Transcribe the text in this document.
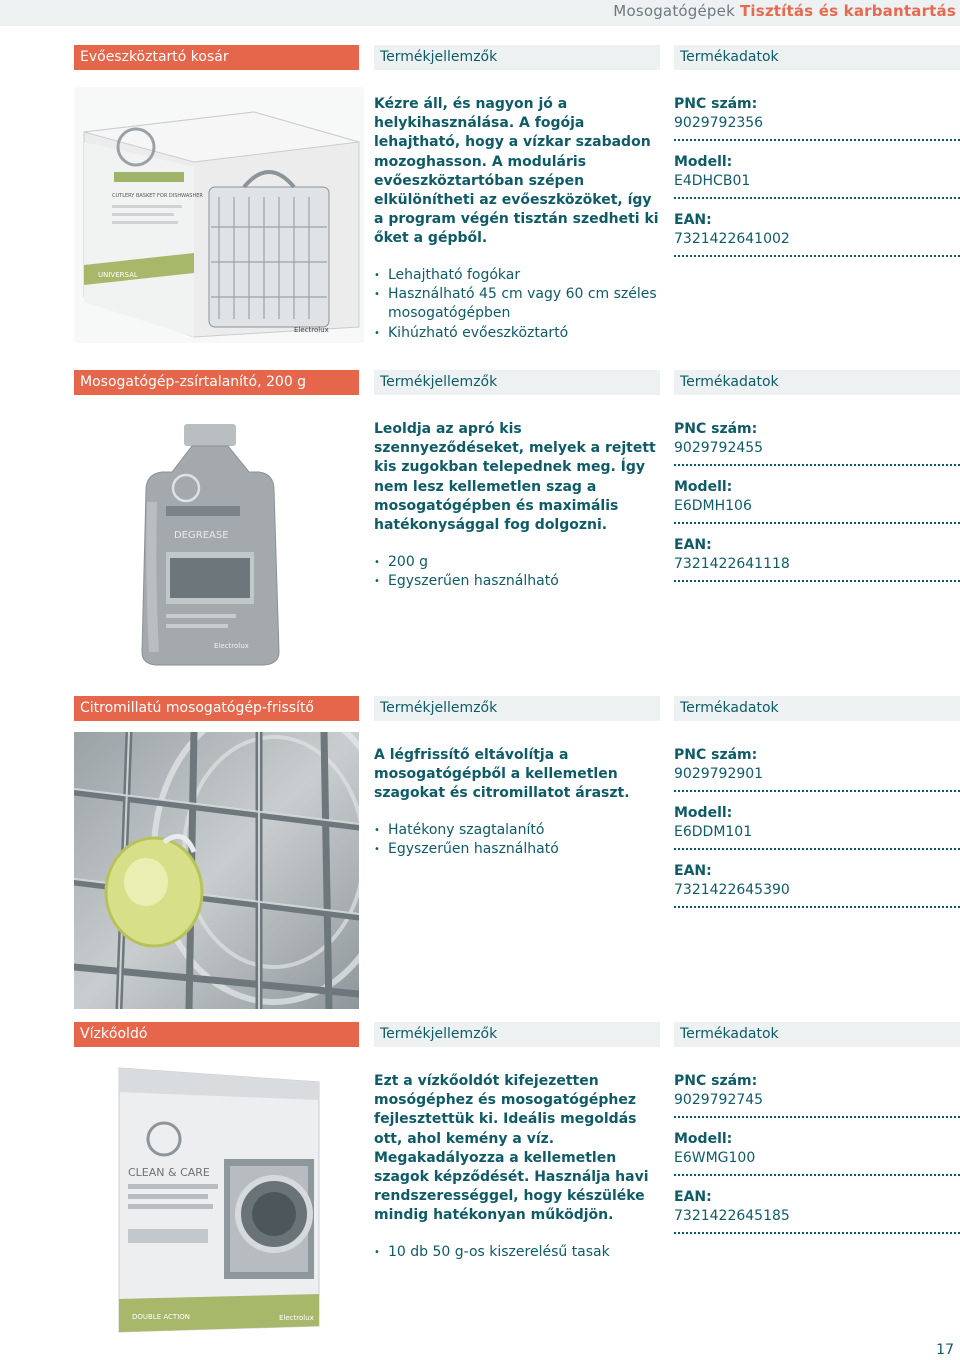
Mosogatógépek Tisztítás és karbantartás
Evőeszköztartó kosár	Termékjellemzők	Termékadatok
CUTLERY BASKET FOR DISHWASHER
UNIVERSAL
Electrolux

Kézre áll, és nagyon jó a helykihasználása. A fogója lehajtható, hogy a vízkar szabadon mozoghasson. A moduláris evőeszköztartóban szépen elkülönítheti az evőeszközöket, így a program végén tisztán szedheti ki őket a gépből.

• Lehajtható fogókar
• Használható 45 cm vagy 60 cm széles mosogatógépben
• Kihúzható evőeszköztartó
PNC szám:
9029792356
Modell:
E4DHCB01
EAN:
7321422641002
Mosogatógép-zsírtalanító, 200 g	Termékjellemzők	Termékadatok
DEGREASE
Electrolux

Leoldja az apró kis szennyeződéseket, melyek a rejtett kis zugokban telepednek meg. Így nem lesz kellemetlen szag a mosogatógépben és maximális hatékonysággal fog dolgozni.

• 200 g
• Egyszerűen használható
PNC szám:
9029792455
Modell:
E6DMH106
EAN:
7321422641118
Citromillatú mosogatógép-frissítő	Termékjellemzők	Termékadatok

A légfrissítő eltávolítja a mosogatógépből a kellemetlen szagokat és citromillatot áraszt.

• Hatékony szagtalanító
• Egyszerűen használható
PNC szám:
9029792901
Modell:
E6DDM101
EAN:
7321422645390
Vízkőoldó	Termékjellemzők	Termékadatok
CLEAN & CARE
DOUBLE ACTION	Electrolux

Ezt a vízkőoldót kifejezetten mosógéphez és mosogatógéphez fejlesztettük ki. Ideális megoldás ott, ahol kemény a víz. Megakadályozza a kellemetlen szagok képződését. Használja havi rendszerességgel, hogy készüléke mindig hatékonyan működjön.

• 10 db 50 g-os kiszerelésű tasak
PNC szám:
9029792745
Modell:
E6WMG100
EAN:
7321422645185
17
